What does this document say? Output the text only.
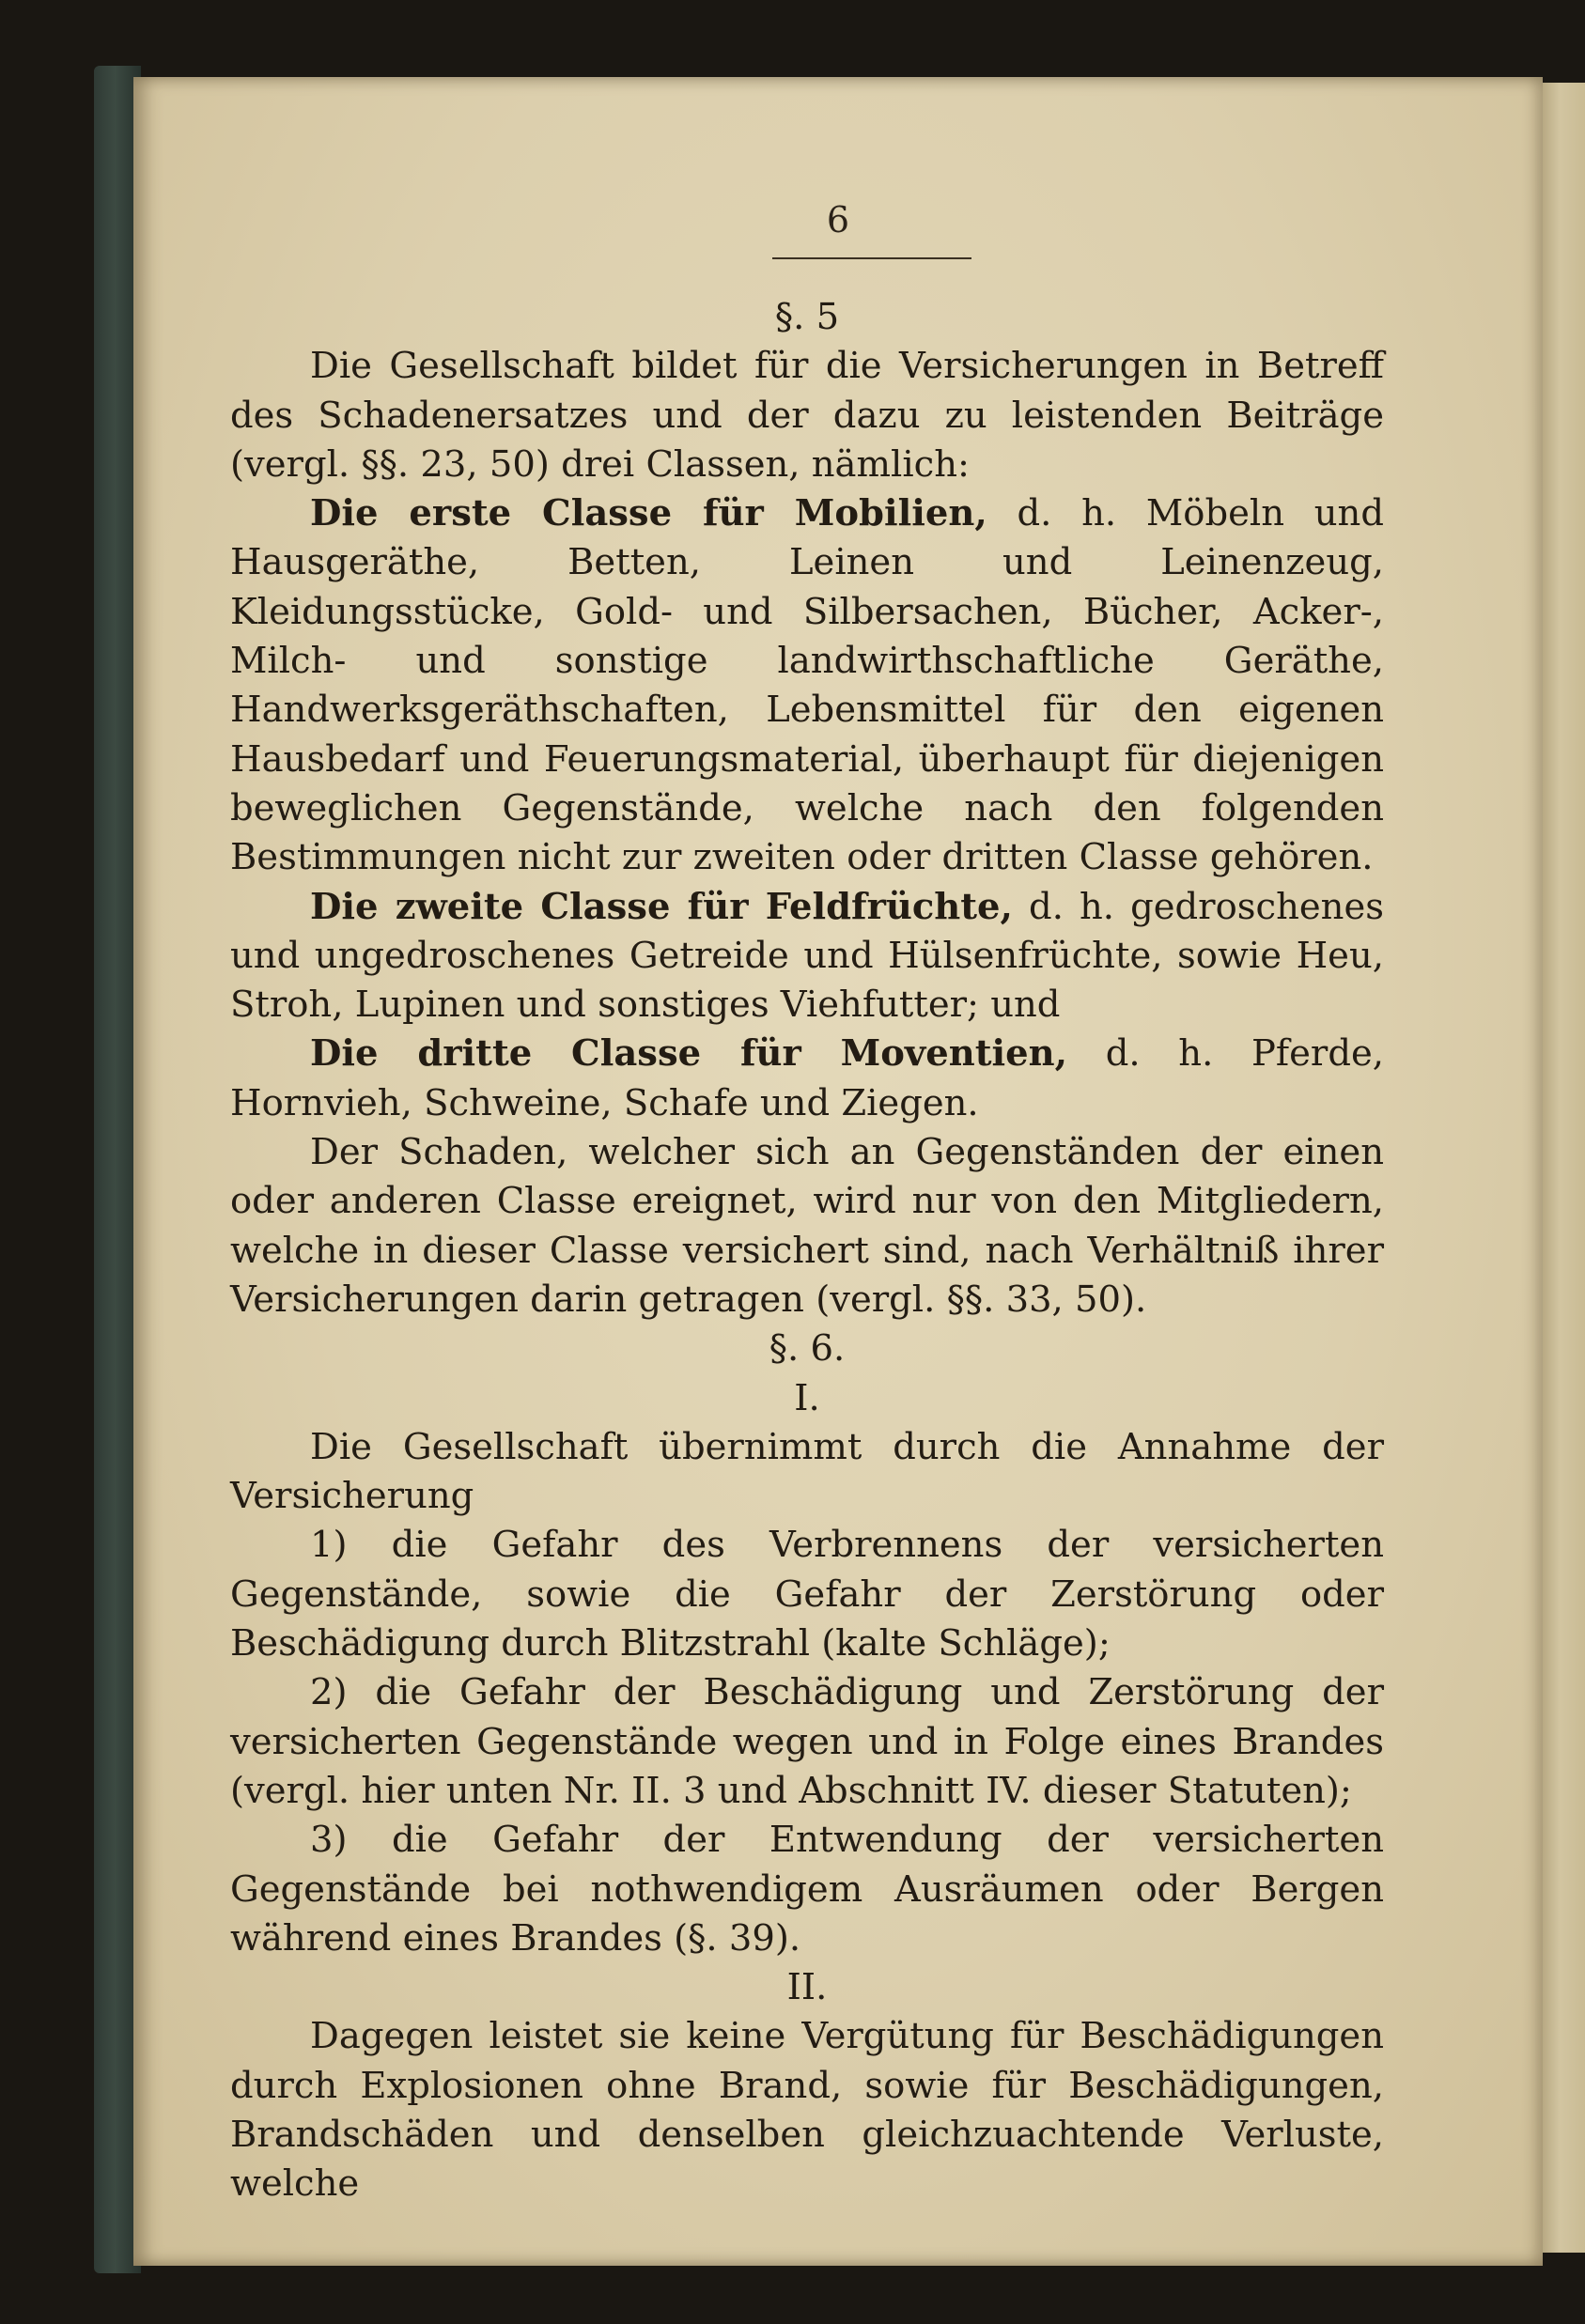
6

§. 5

Die Gesellschaft bildet für die Versicherungen in Betreff des Schadenersatzes und der dazu zu leistenden Beiträge (vergl. §§. 23, 50) drei Classen, nämlich:

Die erste Classe für Mobilien, d. h. Möbeln und Hausgeräthe, Betten, Leinen und Leinenzeug, Kleidungsstücke, Gold- und Silbersachen, Bücher, Acker-, Milch- und sonstige landwirthschaftliche Geräthe, Handwerksgeräthschaften, Lebensmittel für den eigenen Hausbedarf und Feuerungsmaterial, überhaupt für diejenigen beweglichen Gegenstände, welche nach den folgenden Bestimmungen nicht zur zweiten oder dritten Classe gehören.

Die zweite Classe für Feldfrüchte, d. h. gedroschenes und ungedroschenes Getreide und Hülsenfrüchte, sowie Heu, Stroh, Lupinen und sonstiges Viehfutter; und

Die dritte Classe für Moventien, d. h. Pferde, Hornvieh, Schweine, Schafe und Ziegen.

Der Schaden, welcher sich an Gegenständen der einen oder anderen Classe ereignet, wird nur von den Mitgliedern, welche in dieser Classe versichert sind, nach Verhältniß ihrer Versicherungen darin getragen (vergl. §§. 33, 50).

§. 6.

I.

Die Gesellschaft übernimmt durch die Annahme der Versicherung

1) die Gefahr des Verbrennens der versicherten Gegenstände, sowie die Gefahr der Zerstörung oder Beschädigung durch Blitzstrahl (kalte Schläge);

2) die Gefahr der Beschädigung und Zerstörung der versicherten Gegenstände wegen und in Folge eines Brandes (vergl. hier unten Nr. II. 3 und Abschnitt IV. dieser Statuten);

3) die Gefahr der Entwendung der versicherten Gegenstände bei nothwendigem Ausräumen oder Bergen während eines Brandes (§. 39).

II.

Dagegen leistet sie keine Vergütung für Beschädigungen durch Explosionen ohne Brand, sowie für Beschädigungen, Brandschäden und denselben gleichzuachtende Verluste, welche
